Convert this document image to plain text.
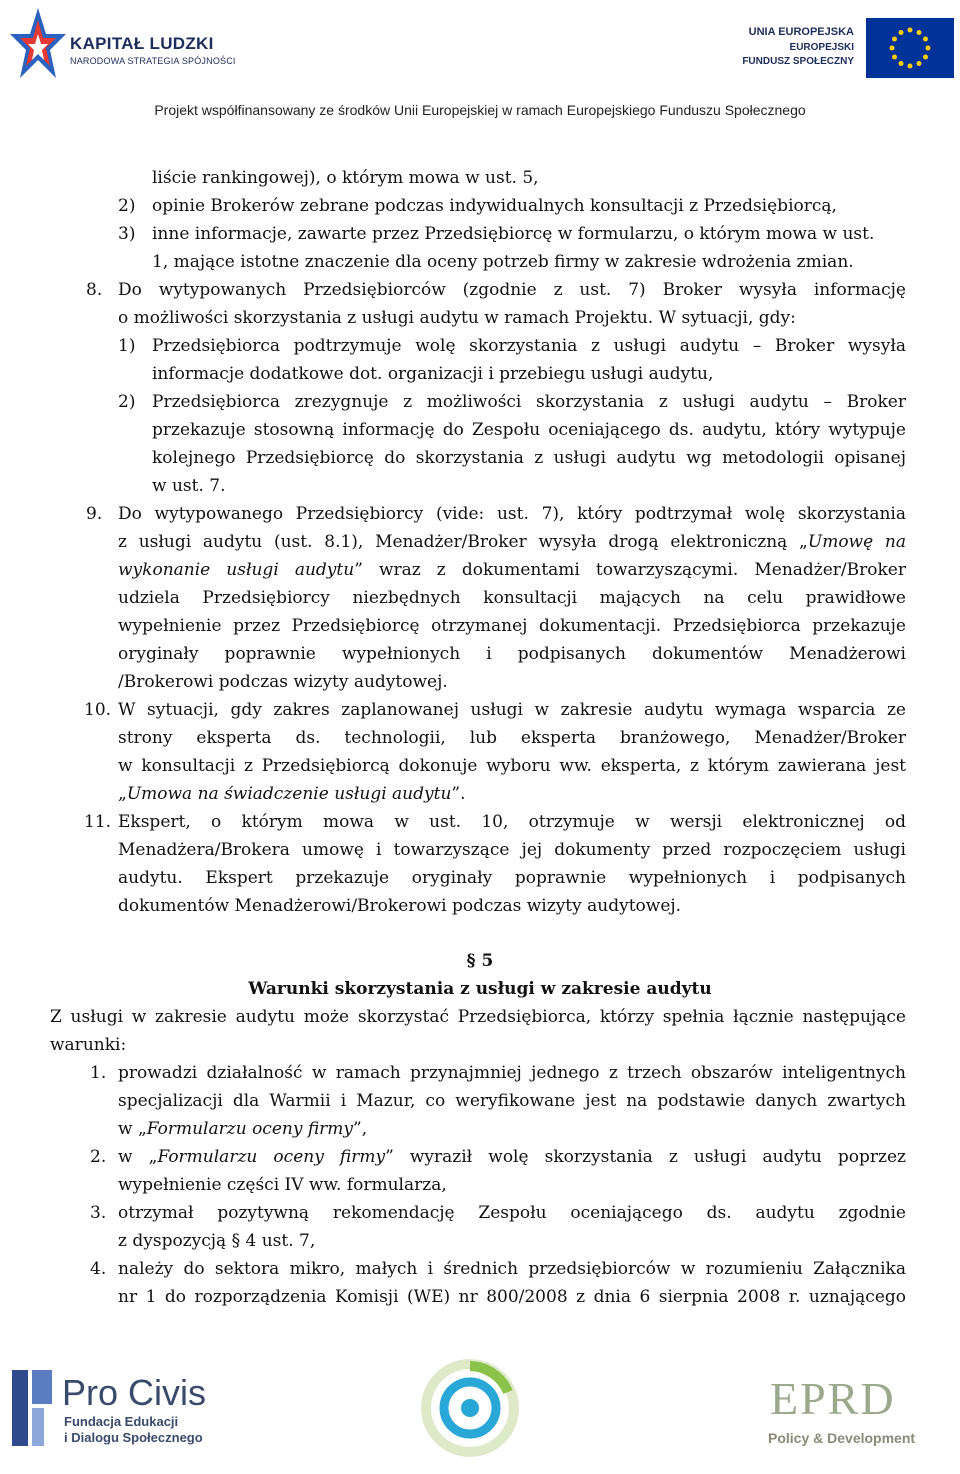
KAPITAŁ LUDZKI
NARODOWA STRATEGIA SPÓJNOŚCI
UNIA EUROPEJSKA
EUROPEJSKI
FUNDUSZ SPOŁECZNY
Projekt współfinansowany ze środków Unii Europejskiej w ramach Europejskiego Funduszu Społecznego
liście rankingowej), o którym mowa w ust. 5,
2) opinie Brokerów zebrane podczas indywidualnych konsultacji z Przedsiębiorcą,
3) inne informacje, zawarte przez Przedsiębiorcę w formularzu, o którym mowa w ust.
1, mające istotne znaczenie dla oceny potrzeb firmy w zakresie wdrożenia zmian.
8. Do wytypowanych Przedsiębiorców (zgodnie z ust. 7) Broker wysyła informację
o możliwości skorzystania z usługi audytu w ramach Projektu. W sytuacji, gdy:
1) Przedsiębiorca podtrzymuje wolę skorzystania z usługi audytu – Broker wysyła
informacje dodatkowe dot. organizacji i przebiegu usługi audytu,
2) Przedsiębiorca zrezygnuje z możliwości skorzystania z usługi audytu – Broker
przekazuje stosowną informację do Zespołu oceniającego ds. audytu, który wytypuje
kolejnego Przedsiębiorcę do skorzystania z usługi audytu wg metodologii opisanej
w ust. 7.
9. Do wytypowanego Przedsiębiorcy (vide: ust. 7), który podtrzymał wolę skorzystania
z usługi audytu (ust. 8.1), Menadżer/Broker wysyła drogą elektroniczną „Umowę na
wykonanie usługi audytu” wraz z dokumentami towarzyszącymi. Menadżer/Broker
udziela Przedsiębiorcy niezbędnych konsultacji mających na celu prawidłowe
wypełnienie przez Przedsiębiorcę otrzymanej dokumentacji. Przedsiębiorca przekazuje
oryginały poprawnie wypełnionych i podpisanych dokumentów Menadżerowi
/Brokerowi podczas wizyty audytowej.
10. W sytuacji, gdy zakres zaplanowanej usługi w zakresie audytu wymaga wsparcia ze
strony eksperta ds. technologii, lub eksperta branżowego, Menadżer/Broker
w konsultacji z Przedsiębiorcą dokonuje wyboru ww. eksperta, z którym zawierana jest
„Umowa na świadczenie usługi audytu”.
11. Ekspert, o którym mowa w ust. 10, otrzymuje w wersji elektronicznej od
Menadżera/Brokera umowę i towarzyszące jej dokumenty przed rozpoczęciem usługi
audytu. Ekspert przekazuje oryginały poprawnie wypełnionych i podpisanych
dokumentów Menadżerowi/Brokerowi podczas wizyty audytowej.
§ 5
Warunki skorzystania z usługi w zakresie audytu
Z usługi w zakresie audytu może skorzystać Przedsiębiorca, którzy spełnia łącznie następujące
warunki:
1. prowadzi działalność w ramach przynajmniej jednego z trzech obszarów inteligentnych
specjalizacji dla Warmii i Mazur, co weryfikowane jest na podstawie danych zwartych
w „Formularzu oceny firmy”,
2. w „Formularzu oceny firmy” wyraził wolę skorzystania z usługi audytu poprzez
wypełnienie części IV ww. formularza,
3. otrzymał pozytywną rekomendację Zespołu oceniającego ds. audytu zgodnie
z dyspozycją § 4 ust. 7,
4. należy do sektora mikro, małych i średnich przedsiębiorców w rozumieniu Załącznika
nr 1 do rozporządzenia Komisji (WE) nr 800/2008 z dnia 6 sierpnia 2008 r. uznającego
Pro Civis
Fundacja Edukacji
i Dialogu Społecznego
EPRD
Policy & Development
